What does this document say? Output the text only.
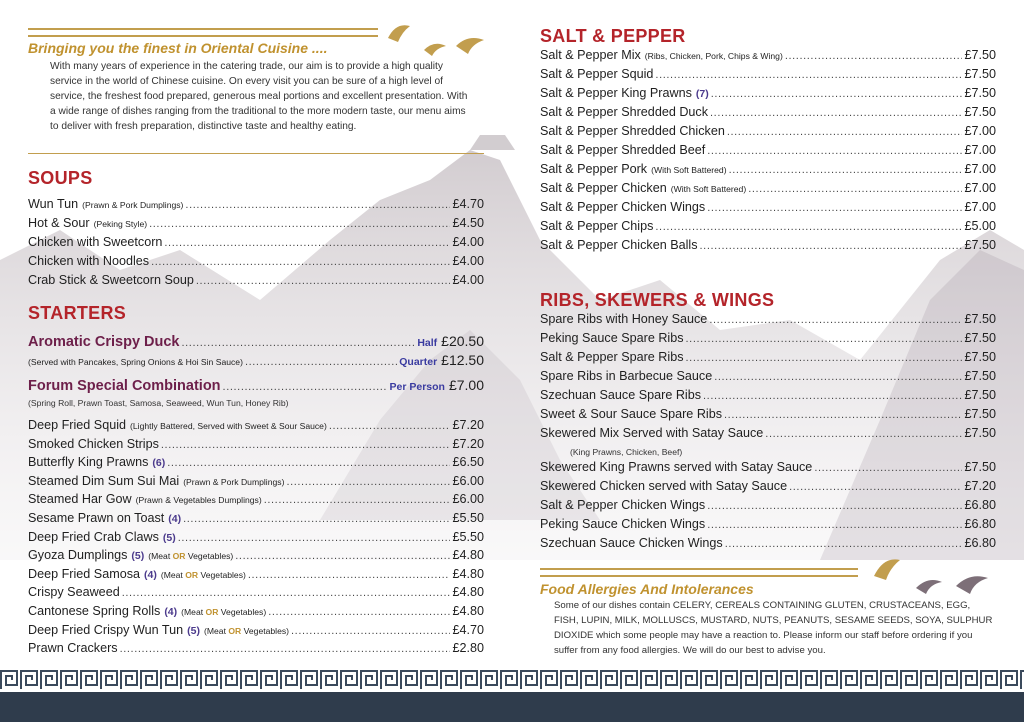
Bringing you the finest in Oriental Cuisine ....

With many years of experience in the catering trade, our aim is to provide a high quality service in the world of Chinese cuisine. On every visit you can be sure of a high level of service, the freshest food prepared, generous meal portions and excellent presentation. With a wide range of dishes ranging from the traditional to the more modern taste, our menu aims to deliver with fresh preparation, distinctive taste and healthy eating.

SOUPS
Wun Tun (Prawn & Pork Dumplings) .....	£4.70
Hot & Sour (Peking Style) .....	£4.50
Chicken with Sweetcorn .....	£4.00
Chicken with Noodles .....	£4.00
Crab Stick & Sweetcorn Soup .....	£4.00
STARTERS
Aromatic Crispy Duck .....	Half £20.50
(Served with Pancakes, Spring Onions & Hoi Sin Sauce) .....	Quarter £12.50
Forum Special Combination .....	Per Person £7.00
(Spring Roll, Prawn Toast, Samosa, Seaweed, Wun Tun, Honey Rib)
Deep Fried Squid (Lightly Battered, Served with Sweet & Sour Sauce) .....	£7.20
Smoked Chicken Strips .....	£7.20
Butterfly King Prawns (6) .....	£6.50
Steamed Dim Sum Sui Mai (Prawn & Pork Dumplings) .....	£6.00
Steamed Har Gow (Prawn & Vegetables Dumplings) .....	£6.00
Sesame Prawn on Toast (4) .....	£5.50
Deep Fried Crab Claws (5) .....	£5.50
Gyoza Dumplings (5) (Meat OR Vegetables) .....	£4.80
Deep Fried Samosa (4) (Meat OR Vegetables) .....	£4.80
Crispy Seaweed .....	£4.80
Cantonese Spring Rolls (4) (Meat OR Vegetables) .....	£4.80
Deep Fried Crispy Wun Tun (5) (Meat OR Vegetables) .....	£4.70
Prawn Crackers .....	£2.80
SALT & PEPPER
Salt & Pepper Mix (Ribs, Chicken, Pork, Chips & Wing) .....	£7.50
Salt & Pepper Squid .....	£7.50
Salt & Pepper King Prawns (7) .....	£7.50
Salt & Pepper Shredded Duck .....	£7.50
Salt & Pepper Shredded Chicken .....	£7.00
Salt & Pepper Shredded Beef .....	£7.00
Salt & Pepper Pork (With Soft Battered) .....	£7.00
Salt & Pepper Chicken (With Soft Battered) .....	£7.00
Salt & Pepper Chicken Wings .....	£7.00
Salt & Pepper Chips .....	£5.00
Salt & Pepper Chicken Balls .....	£7.50
RIBS, SKEWERS & WINGS
Spare Ribs with Honey Sauce .....	£7.50
Peking Sauce Spare Ribs .....	£7.50
Salt & Pepper Spare Ribs .....	£7.50
Spare Ribs in Barbecue Sauce .....	£7.50
Szechuan Sauce Spare Ribs .....	£7.50
Sweet & Sour Sauce Spare Ribs .....	£7.50
Skewered Mix Served with Satay Sauce .....	£7.50
(King Prawns, Chicken, Beef)
Skewered King Prawns served with Satay Sauce .....	£7.50
Skewered Chicken served with Satay Sauce .....	£7.20
Salt & Pepper Chicken Wings .....	£6.80
Peking Sauce Chicken Wings .....	£6.80
Szechuan Sauce Chicken Wings .....	£6.80
Food Allergies And Intolerances

Some of our dishes contain CELERY, CEREALS CONTAINING GLUTEN, CRUSTACEANS, EGG, FISH, LUPIN, MILK, MOLLUSCS, MUSTARD, NUTS, PEANUTS, SESAME SEEDS, SOYA, SULPHUR DIOXIDE which some people may have a reaction to. Please inform our staff before ordering if you suffer from any food allergies. We will do our best to advise you.
